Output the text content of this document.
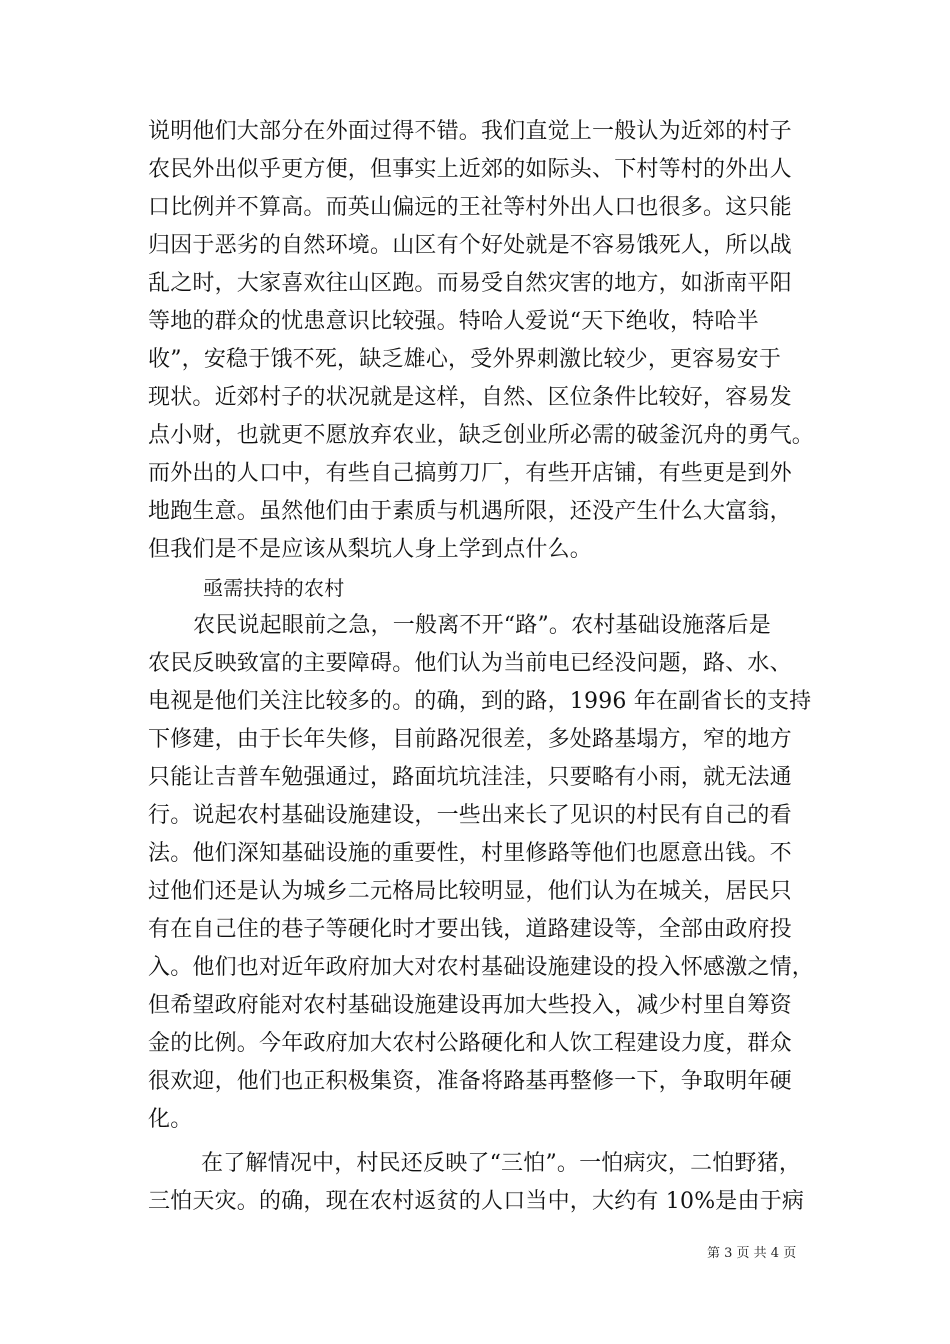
说明他们大部分在外面过得不错。我们直觉上一般认为近郊的村子
农民外出似乎更方便，但事实上近郊的如际头、下村等村的外出人
口比例并不算高。而英山偏远的王社等村外出人口也很多。这只能
归因于恶劣的自然环境。山区有个好处就是不容易饿死人，所以战
乱之时，大家喜欢往山区跑。而易受自然灾害的地方，如浙南平阳
等地的群众的忧患意识比较强。特哈人爱说“天下绝收，特哈半
收”，安稳于饿不死，缺乏雄心，受外界刺激比较少，更容易安于
现状。近郊村子的状况就是这样，自然、区位条件比较好，容易发
点小财，也就更不愿放弃农业，缺乏创业所必需的破釜沉舟的勇气。
而外出的人口中，有些自己搞剪刀厂，有些开店铺，有些更是到外
地跑生意。虽然他们由于素质与机遇所限，还没产生什么大富翁，
但我们是不是应该从梨坑人身上学到点什么。
亟需扶持的农村
农民说起眼前之急，一般离不开“路”。农村基础设施落后是
农民反映致富的主要障碍。他们认为当前电已经没问题，路、水、
电视是他们关注比较多的。的确，到的路，1996 年在副省长的支持
下修建，由于长年失修，目前路况很差，多处路基塌方，窄的地方
只能让吉普车勉强通过，路面坑坑洼洼，只要略有小雨，就无法通
行。说起农村基础设施建设，一些出来长了见识的村民有自己的看
法。他们深知基础设施的重要性，村里修路等他们也愿意出钱。不
过他们还是认为城乡二元格局比较明显，他们认为在城关，居民只
有在自己住的巷子等硬化时才要出钱，道路建设等，全部由政府投
入。他们也对近年政府加大对农村基础设施建设的投入怀感激之情，
但希望政府能对农村基础设施建设再加大些投入，减少村里自筹资
金的比例。今年政府加大农村公路硬化和人饮工程建设力度，群众
很欢迎，他们也正积极集资，准备将路基再整修一下，争取明年硬
化。
在了解情况中，村民还反映了“三怕”。一怕病灾，二怕野猪，
三怕天灾。的确，现在农村返贫的人口当中，大约有 10%是由于病
第 3 页 共 4 页
